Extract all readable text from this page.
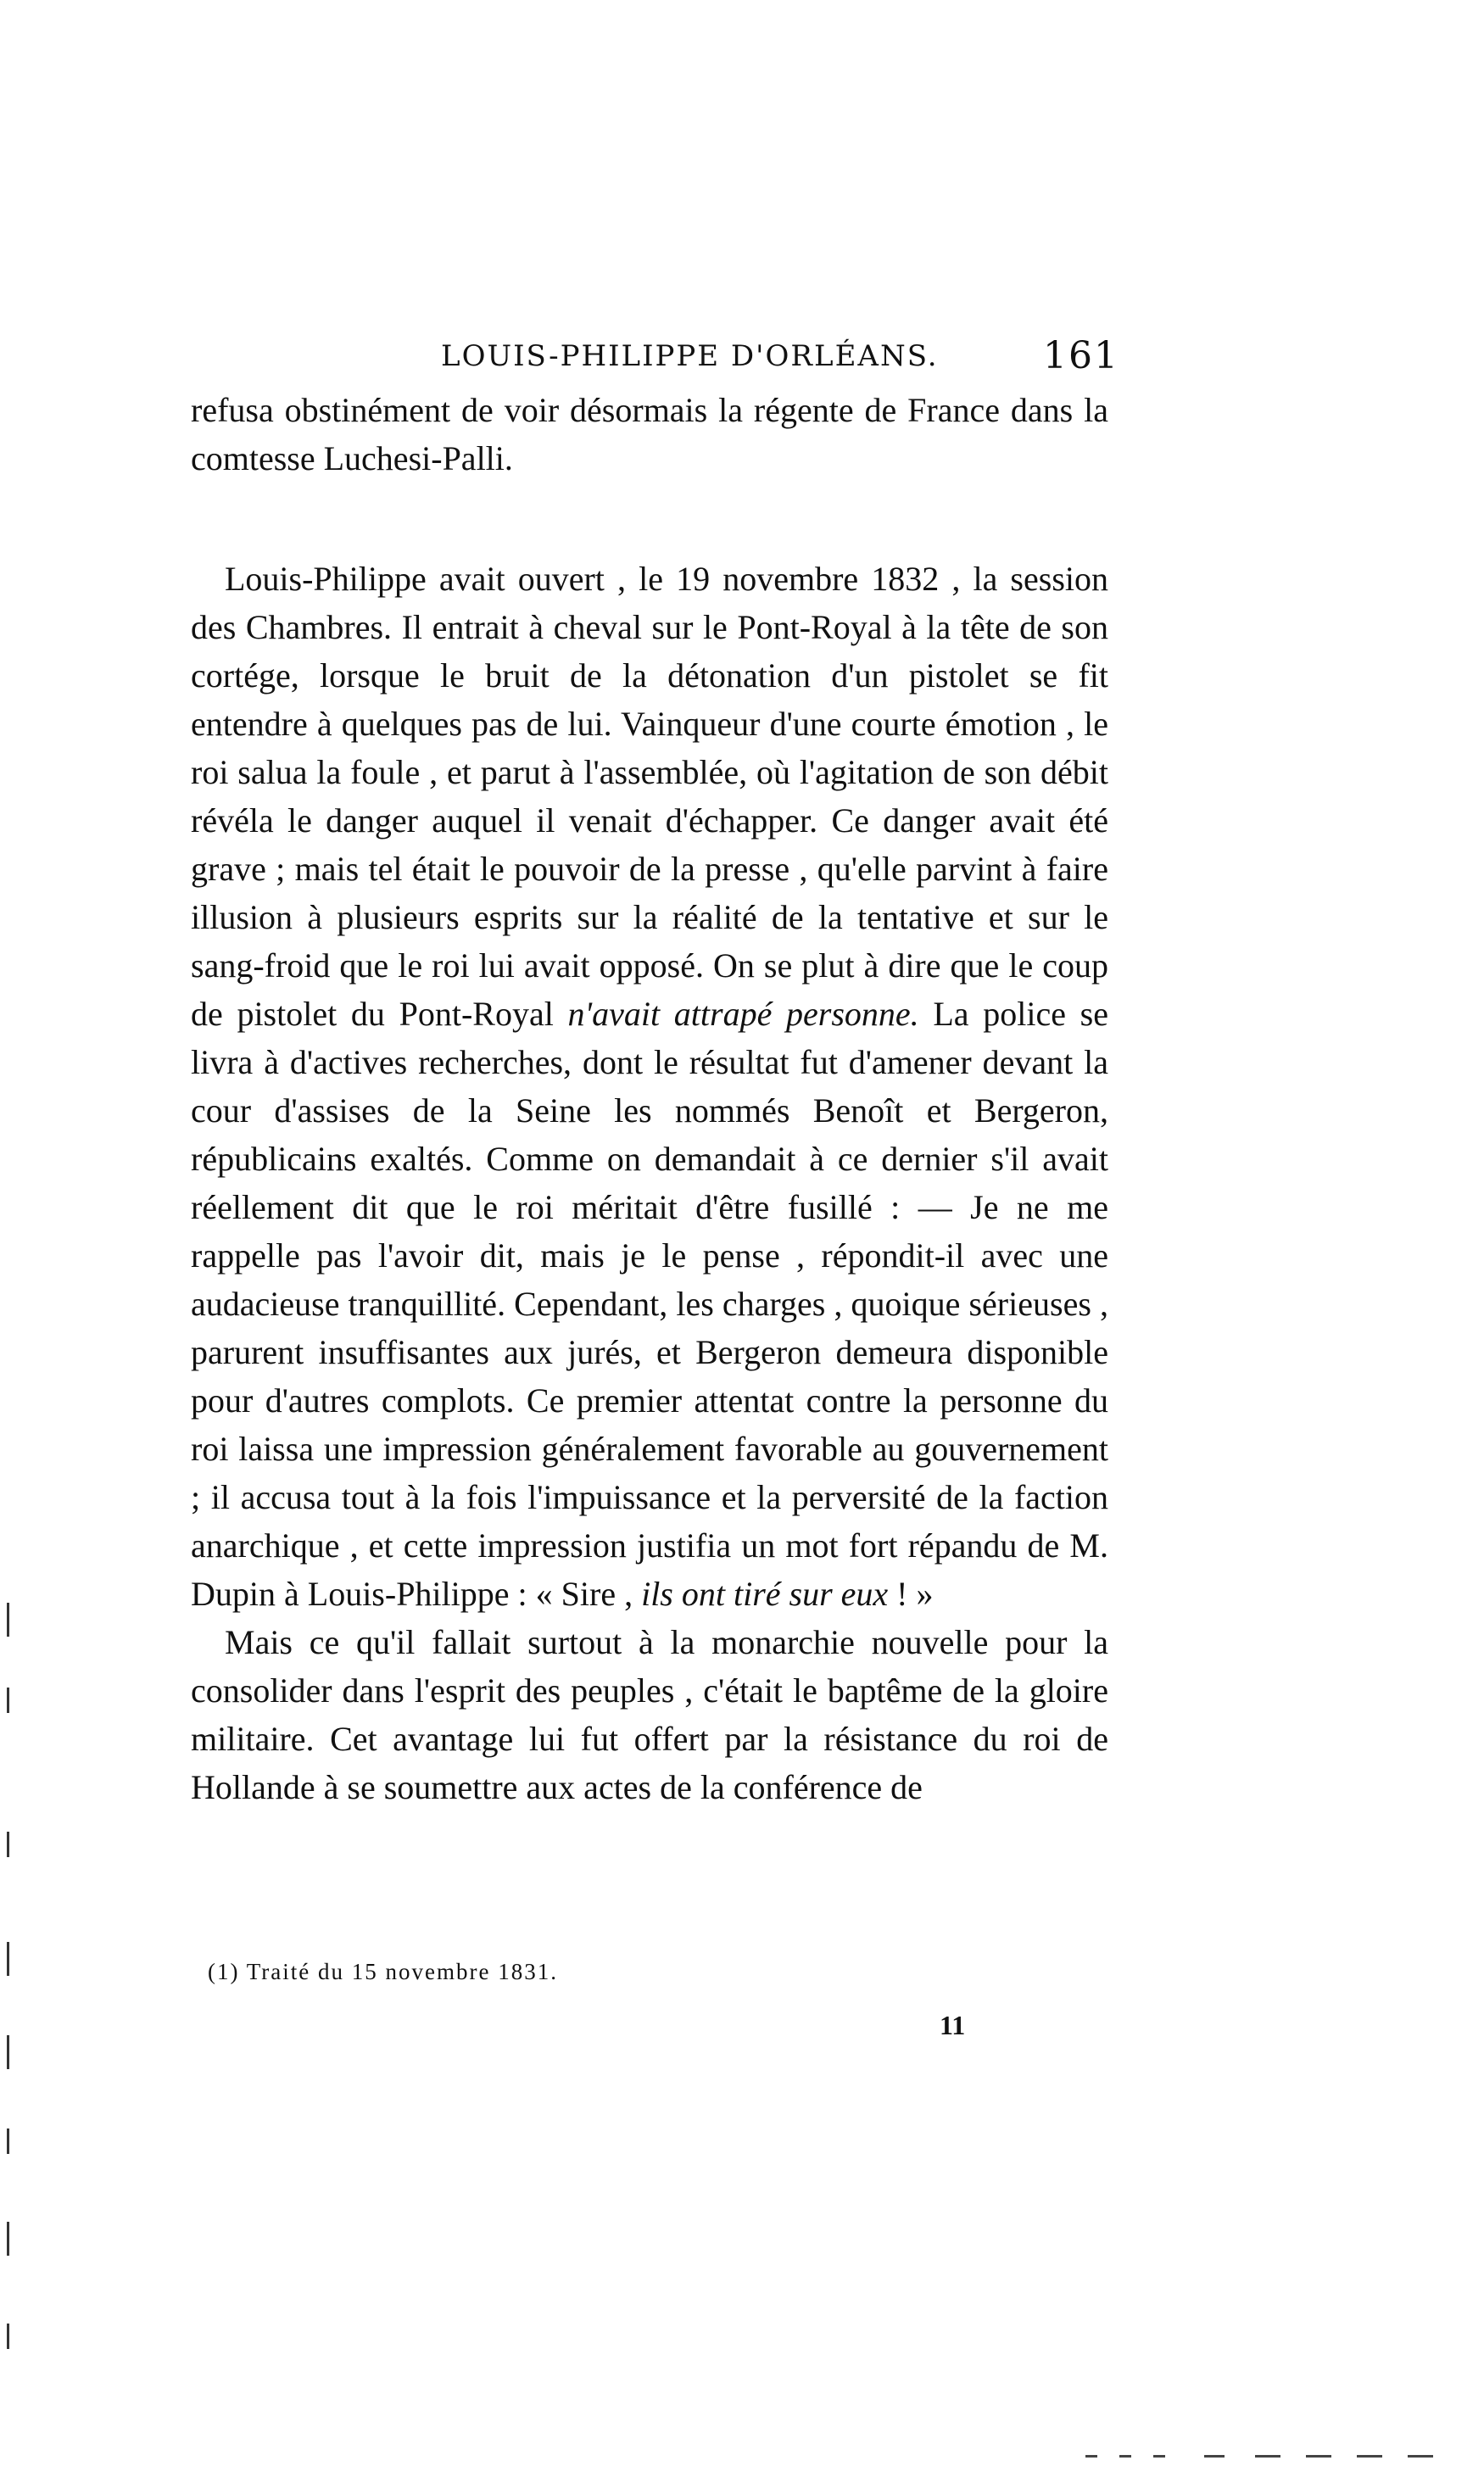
LOUIS-PHILIPPE D'ORLÉANS.	161

refusa obstinément de voir désormais la régente de France dans la comtesse Luchesi-Palli.

Louis-Philippe avait ouvert , le 19 novembre 1832 , la session des Chambres. Il entrait à cheval sur le Pont-Royal à la tête de son cortége, lorsque le bruit de la détonation d'un pistolet se fit entendre à quelques pas de lui. Vainqueur d'une courte émotion , le roi salua la foule , et parut à l'assemblée, où l'agitation de son débit révéla le danger auquel il venait d'échapper. Ce danger avait été grave ; mais tel était le pouvoir de la presse , qu'elle parvint à faire illusion à plusieurs esprits sur la réalité de la tentative et sur le sang-froid que le roi lui avait opposé. On se plut à dire que le coup de pistolet du Pont-Royal n'avait attrapé personne. La police se livra à d'actives recherches, dont le résultat fut d'amener devant la cour d'assises de la Seine les nommés Benoît et Bergeron, républicains exaltés. Comme on demandait à ce dernier s'il avait réellement dit que le roi méritait d'être fusillé : — Je ne me rappelle pas l'avoir dit, mais je le pense , répondit-il avec une audacieuse tranquillité. Cependant, les charges , quoique sérieuses , parurent insuffisantes aux jurés, et Bergeron demeura disponible pour d'autres complots. Ce premier attentat contre la personne du roi laissa une impression généralement favorable au gouvernement ; il accusa tout à la fois l'impuissance et la perversité de la faction anarchique , et cette impression justifia un mot fort répandu de M. Dupin à Louis-Philippe : « Sire , ils ont tiré sur eux ! »

Mais ce qu'il fallait surtout à la monarchie nouvelle pour la consolider dans l'esprit des peuples , c'était le baptême de la gloire militaire. Cet avantage lui fut offert par la résistance du roi de Hollande à se soumettre aux actes de la conférence de

(1) Traité du 15 novembre 1831.
11
